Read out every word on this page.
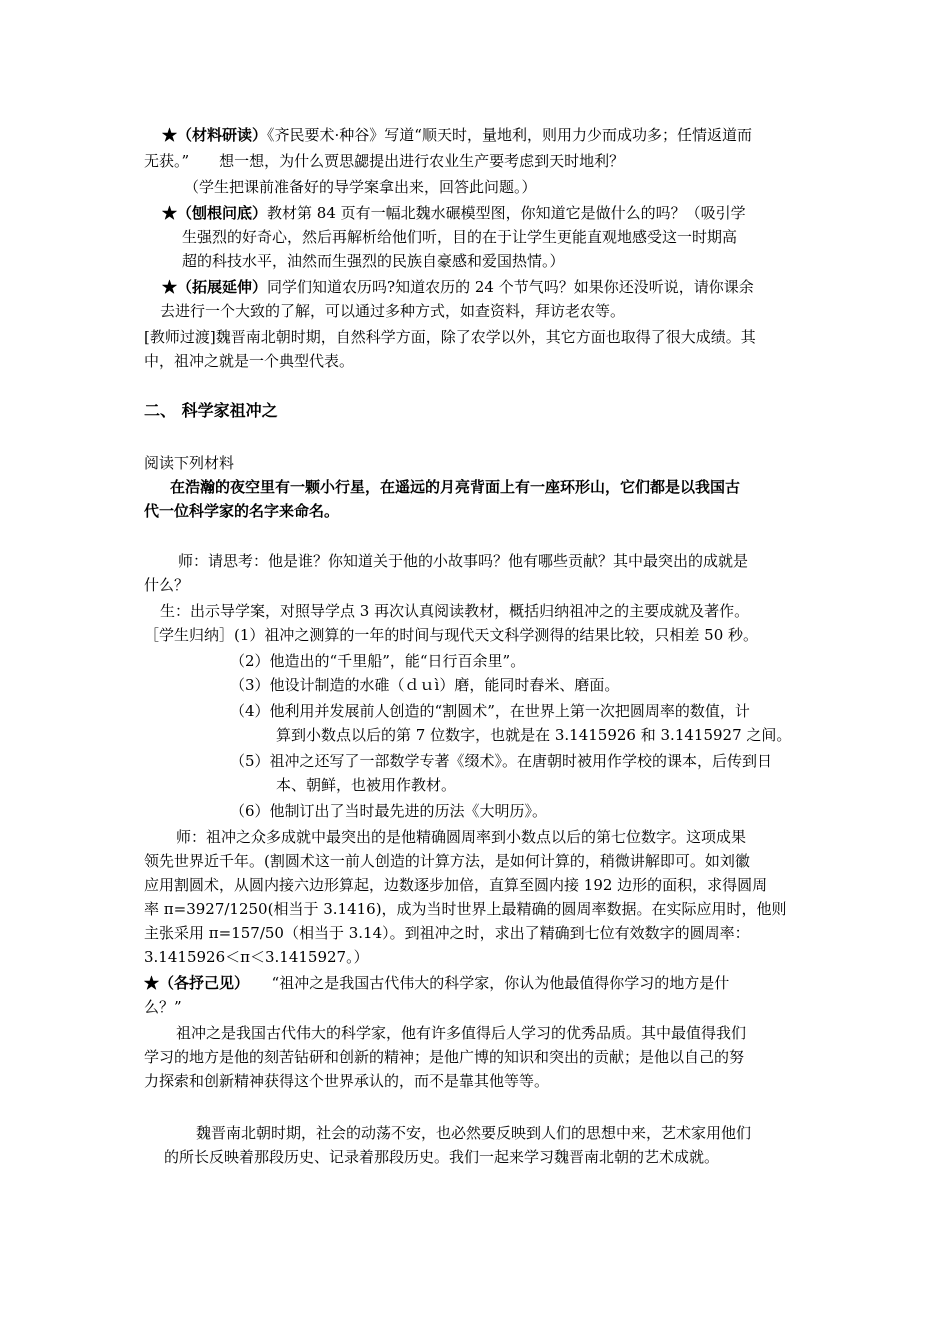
★（材料研读）《齐民要术·种谷》写道“顺天时，量地利，则用力少而成功多；任情返道而
无获。”　　想一想，为什么贾思勰提出进行农业生产要考虑到天时地利？
（学生把课前准备好的导学案拿出来，回答此问题。）
★（刨根问底）教材第 84 页有一幅北魏水碾模型图，你知道它是做什么的吗？（吸引学
生强烈的好奇心，然后再解析给他们听，目的在于让学生更能直观地感受这一时期高
超的科技水平，油然而生强烈的民族自豪感和爱国热情。）
★（拓展延伸）同学们知道农历吗?知道农历的 24 个节气吗？如果你还没听说，请你课余
去进行一个大致的了解，可以通过多种方式，如查资料，拜访老农等。
[教师过渡]魏晋南北朝时期，自然科学方面，除了农学以外，其它方面也取得了很大成绩。其
中，祖冲之就是一个典型代表。
二、 科学家祖冲之
阅读下列材料
在浩瀚的夜空里有一颗小行星，在遥远的月亮背面上有一座环形山，它们都是以我国古
代一位科学家的名字来命名。
师：请思考：他是谁？你知道关于他的小故事吗？他有哪些贡献？其中最突出的成就是
什么？
生：出示导学案，对照导学点 3 再次认真阅读教材，概括归纳祖冲之的主要成就及著作。
［学生归纳］(1）祖冲之测算的一年的时间与现代天文科学测得的结果比较，只相差 50 秒。
（2）他造出的“千里船”，能“日行百余里”。
（3）他设计制造的水碓（ｄｕì）磨，能同时舂米、磨面。
（4）他利用并发展前人创造的“割圆术”，在世界上第一次把圆周率的数值，计
算到小数点以后的第 7 位数字，也就是在 3.1415926 和 3.1415927 之间。
（5）祖冲之还写了一部数学专著《缀术》。在唐朝时被用作学校的课本，后传到日
本、朝鲜，也被用作教材。
（6）他制订出了当时最先进的历法《大明历》。
师：祖冲之众多成就中最突出的是他精确圆周率到小数点以后的第七位数字。这项成果
领先世界近千年。(割圆术这一前人创造的计算方法，是如何计算的，稍微讲解即可。如刘徽
应用割圆术，从圆内接六边形算起，边数逐步加倍，直算至圆内接 192 边形的面积，求得圆周
率 π=3927/1250(相当于 3.1416)，成为当时世界上最精确的圆周率数据。在实际应用时，他则
主张采用 π=157/50（相当于 3.14）。到祖冲之时，求出了精确到七位有效数字的圆周率：
3.1415926＜π＜3.1415927。）
★（各抒己见）　　“祖冲之是我国古代伟大的科学家，你认为他最值得你学习的地方是什
么？”
祖冲之是我国古代伟大的科学家，他有许多值得后人学习的优秀品质。其中最值得我们
学习的地方是他的刻苦钻研和创新的精神；是他广博的知识和突出的贡献；是他以自己的努
力探索和创新精神获得这个世界承认的，而不是靠其他等等。
魏晋南北朝时期，社会的动荡不安，也必然要反映到人们的思想中来，艺术家用他们
的所长反映着那段历史、记录着那段历史。我们一起来学习魏晋南北朝的艺术成就。
